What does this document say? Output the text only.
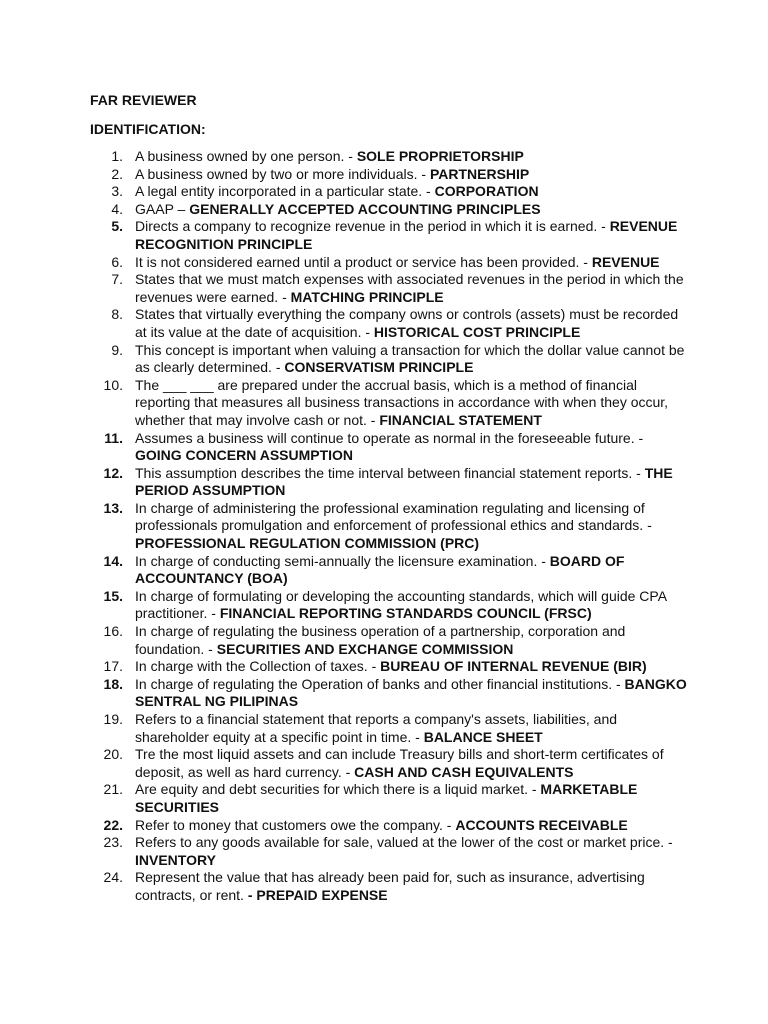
FAR REVIEWER
IDENTIFICATION:
1. A business owned by one person. - SOLE PROPRIETORSHIP
2. A business owned by two or more individuals. - PARTNERSHIP
3. A legal entity incorporated in a particular state. - CORPORATION
4. GAAP – GENERALLY ACCEPTED ACCOUNTING PRINCIPLES
5. Directs a company to recognize revenue in the period in which it is earned. - REVENUE RECOGNITION PRINCIPLE
6. It is not considered earned until a product or service has been provided. - REVENUE
7. States that we must match expenses with associated revenues in the period in which the revenues were earned. - MATCHING PRINCIPLE
8. States that virtually everything the company owns or controls (assets) must be recorded at its value at the date of acquisition. - HISTORICAL COST PRINCIPLE
9. This concept is important when valuing a transaction for which the dollar value cannot be as clearly determined. - CONSERVATISM PRINCIPLE
10. The ___ ___ are prepared under the accrual basis, which is a method of financial reporting that measures all business transactions in accordance with when they occur, whether that may involve cash or not. - FINANCIAL STATEMENT
11. Assumes a business will continue to operate as normal in the foreseeable future. - GOING CONCERN ASSUMPTION
12. This assumption describes the time interval between financial statement reports. - THE PERIOD ASSUMPTION
13. In charge of administering the professional examination regulating and licensing of professionals promulgation and enforcement of professional ethics and standards. - PROFESSIONAL REGULATION COMMISSION (PRC)
14. In charge of conducting semi-annually the licensure examination. - BOARD OF ACCOUNTANCY (BOA)
15. In charge of formulating or developing the accounting standards, which will guide CPA practitioner. - FINANCIAL REPORTING STANDARDS COUNCIL (FRSC)
16. In charge of regulating the business operation of a partnership, corporation and foundation. - SECURITIES AND EXCHANGE COMMISSION
17. In charge with the Collection of taxes. - BUREAU OF INTERNAL REVENUE (BIR)
18. In charge of regulating the Operation of banks and other financial institutions. - BANGKO SENTRAL NG PILIPINAS
19. Refers to a financial statement that reports a company's assets, liabilities, and shareholder equity at a specific point in time. - BALANCE SHEET
20. Tre the most liquid assets and can include Treasury bills and short-term certificates of deposit, as well as hard currency. - CASH AND CASH EQUIVALENTS
21. Are equity and debt securities for which there is a liquid market. - MARKETABLE SECURITIES
22. Refer to money that customers owe the company. - ACCOUNTS RECEIVABLE
23. Refers to any goods available for sale, valued at the lower of the cost or market price. - INVENTORY
24. Represent the value that has already been paid for, such as insurance, advertising contracts, or rent. - PREPAID EXPENSE
